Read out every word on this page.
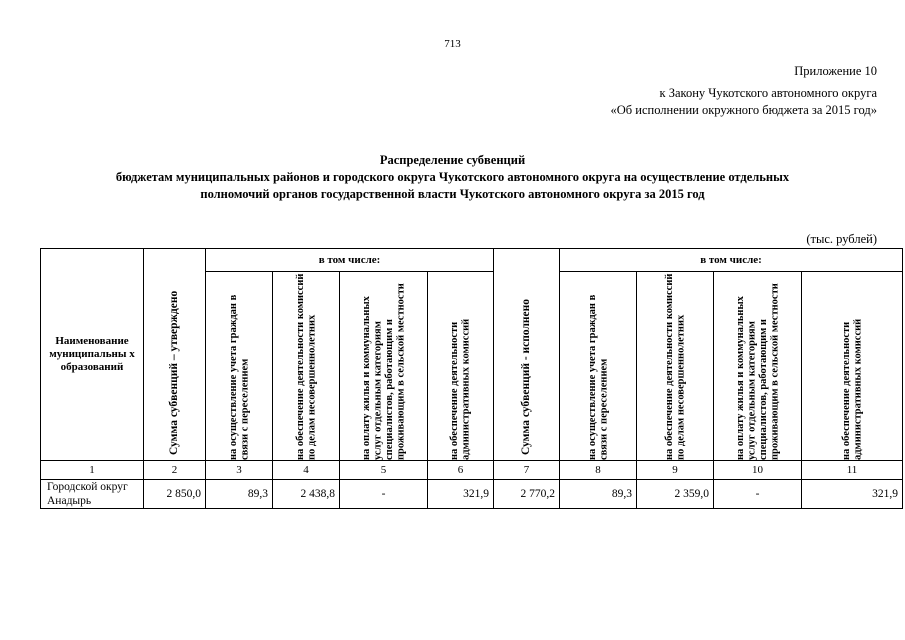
713
Приложение 10
к Закону Чукотского автономного округа
«Об исполнении окружного бюджета за 2015 год»
Распределение субвенций
бюджетам муниципальных районов и городского округа Чукотского автономного округа на осуществление отдельных
полномочий органов государственной власти Чукотского автономного округа за 2015 год
(тыс. рублей)
Наименование муниципальны х образований	Сумма субвенций – утверждено	в том числе:				Сумма субвенций - исполнено	в том числе:			

		на осуществление учета граждан в связи с переселением	на обеспечение деятельности комиссий по делам несовершеннолетних	на оплату жилья и коммунальных услуг отдельным категориям специалистов, работающим и проживающим в сельской местности	на обеспечение деятельности административных комиссий		на осуществление учета граждан в связи с переселением	на обеспечение деятельности комиссий по делам несовершеннолетних	на оплату жилья и коммунальных услуг отдельным категориям специалистов, работающим и проживающим в сельской местности	на обеспечение деятельности административных комиссий

1	2	3	4	5	6	7	8	9	10	11
Городской округ Анадырь	2 850,0	89,3	2 438,8	-	321,9	2 770,2	89,3	2 359,0	-	321,9
